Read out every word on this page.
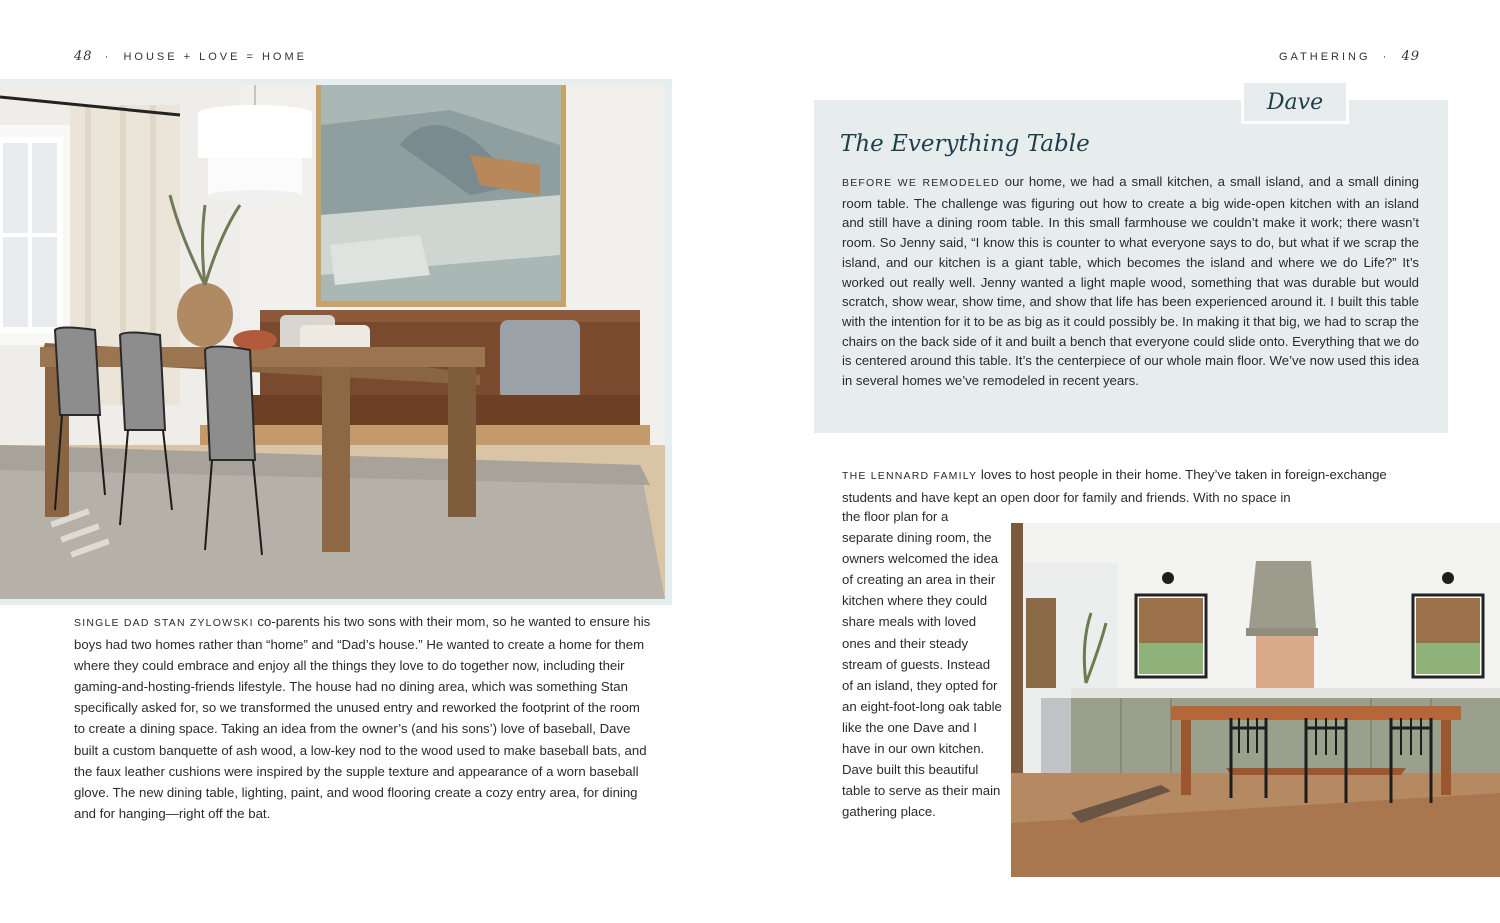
48  ·  HOUSE + LOVE = HOME	GATHERING  ·  49
SINGLE DAD STAN ZYLOWSKI co-parents his two sons with their mom, so he wanted to ensure his boys had two homes rather than “home” and “Dad’s house.” He wanted to create a home for them where they could embrace and enjoy all the things they love to do together now, including their gaming-and-hosting-friends lifestyle. The house had no dining area, which was something Stan specifically asked for, so we transformed the unused entry and reworked the footprint of the room to create a dining space. Taking an idea from the owner’s (and his sons’) love of baseball, Dave built a custom banquette of ash wood, a low-key nod to the wood used to make baseball bats, and the faux leather cushions were inspired by the supple texture and appearance of a worn baseball glove. The new dining table, lighting, paint, and wood flooring create a cozy entry area, for dining and for hanging—right off the bat.
Dave
The Everything Table
BEFORE WE REMODELED our home, we had a small kitchen, a small island, and a small dining room table. The challenge was figuring out how to create a big wide-open kitchen with an island and still have a dining room table. In this small farmhouse we couldn’t make it work; there wasn’t room. So Jenny said, “I know this is counter to what everyone says to do, but what if we scrap the island, and our kitchen is a giant table, which becomes the island and where we do Life?” It’s worked out really well. Jenny wanted a light maple wood, something that was durable but would scratch, show wear, show time, and show that life has been experienced around it. I built this table with the intention for it to be as big as it could possibly be. In making it that big, we had to scrap the chairs on the back side of it and built a bench that everyone could slide onto. Everything that we do is centered around this table. It’s the centerpiece of our whole main floor. We’ve now used this idea in several homes we’ve remodeled in recent years.
THE LENNARD FAMILY loves to host people in their home. They’ve taken in foreign-exchange students and have kept an open door for family and friends. With no space in
the floor plan for a separate dining room, the owners welcomed the idea of creating an area in their kitchen where they could share meals with loved ones and their steady stream of guests. Instead of an island, they opted for an eight-foot-long oak table like the one Dave and I have in our own kitchen. Dave built this beautiful table to serve as their main gathering place.
